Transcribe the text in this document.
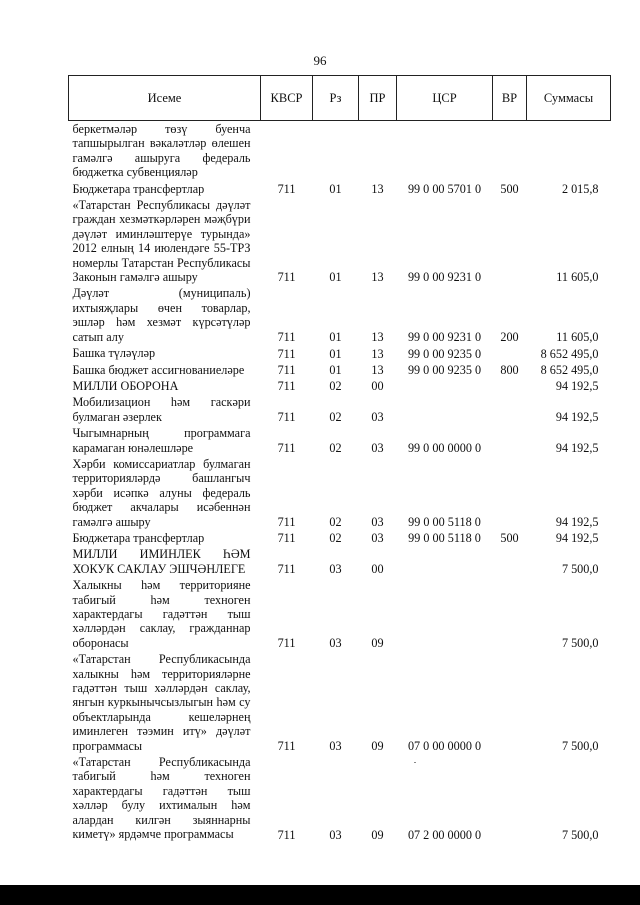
96
Исеме	КВСР	Рз	ПР	ЦСР	ВР	Суммасы
беркетмәләр төзү буенча тапшырылган вәкаләтләр өлешен гамәлгә ашыруга федераль бюджетка субвенцияләр						
Бюджетара трансфертлар	711	01	13	99 0 00 5701 0	500	2 015,8
«Татарстан Республикасы дәүләт граждан хезмәткәрләрен мәҗбүри дәүләт иминләштерүе турында» 2012 елның 14 июлендәге 55-ТРЗ номерлы Татарстан Республикасы Законын гамәлгә ашыру	711	01	13	99 0 00 9231 0		11 605,0
Дәүләт (муниципаль) ихтыяҗлары өчен товарлар, эшләр һәм хезмәт күрсәтүләр сатып алу	711	01	13	99 0 00 9231 0	200	11 605,0
Башка түләүләр	711	01	13	99 0 00 9235 0		8 652 495,0
Башка бюджет ассигнованиеләре	711	01	13	99 0 00 9235 0	800	8 652 495,0
МИЛЛИ ОБОРОНА	711	02	00			94 192,5
Мобилизацион һәм гаскәри булмаган әзерлек	711	02	03			94 192,5
Чыгымнарның программага карамаган юнәлешләре	711	02	03	99 0 00 0000 0		94 192,5
Хәрби комиссариатлар булмаган территорияләрдә башлангыч хәрби исәпкә алуны федераль бюджет акчалары исәбеннән гамәлгә ашыру	711	02	03	99 0 00 5118 0		94 192,5
Бюджетара трансфертлар	711	02	03	99 0 00 5118 0	500	94 192,5
МИЛЛИ ИМИНЛЕК ҺӘМ ХОКУК САКЛАУ ЭШЧӘНЛЕГЕ	711	03	00			7 500,0
Халыкны һәм территорияне табигый һәм техноген характердагы гадәттән тыш хәлләрдән саклау, гражданнар оборонасы	711	03	09			7 500,0
«Татарстан Республикасында халыкны һәм территорияләрне гадәттән тыш хәлләрдән саклау, янгын куркынычсызлыгын һәм су объектларында кешеләрнең иминлеген тәэмин итү» дәүләт программасы	711	03	09	07 0 00 0000 0		7 500,0
«Татарстан Республикасында табигый һәм техноген характердагы гадәттән тыш хәлләр булу ихтималын һәм алардан килгән зыяннарны киметү» ярдәмче программасы	711	03	09	07 2 00 0000 0		7 500,0
